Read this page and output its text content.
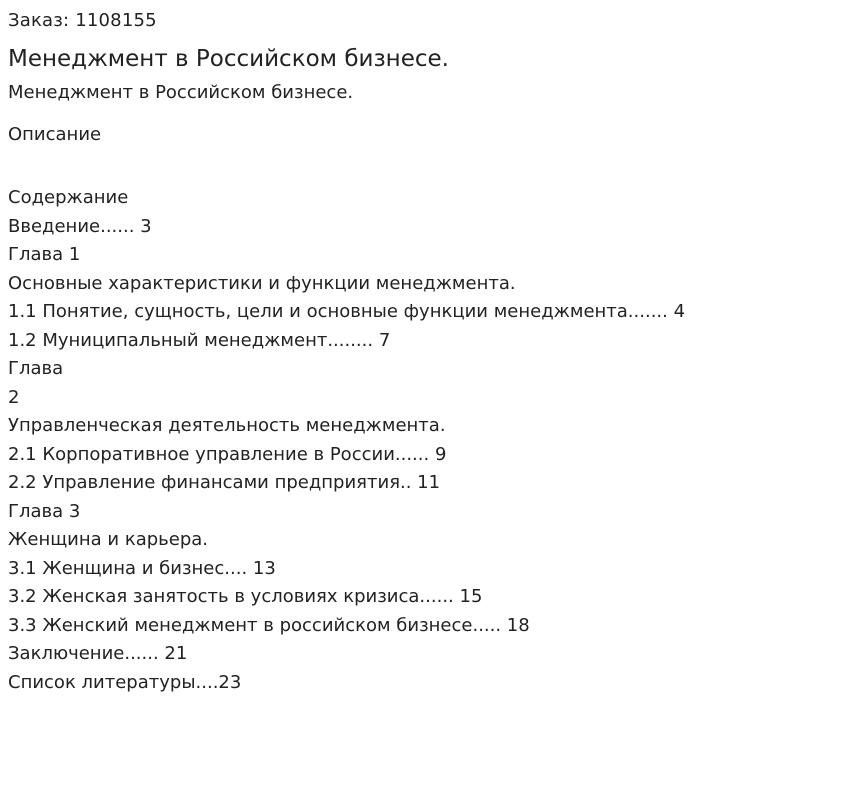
Заказ: 1108155

Менеджмент в Российском бизнесе.

Менеджмент в Российском бизнесе.

Описание

Содержание
Введение...... 3
Глава 1
Основные характеристики и функции менеджмента.
1.1 Понятие, сущность, цели и основные функции менеджмента....... 4
1.2 Муниципальный менеджмент........ 7
Глава
2
Управленческая деятельность менеджмента.
2.1 Корпоративное управление в России...... 9
2.2 Управление финансами предприятия.. 11
Глава 3
Женщина и карьера.
3.1 Женщина и бизнес.... 13
3.2 Женская занятость в условиях кризиса...... 15
3.3 Женский менеджмент в российском бизнесе..... 18
Заключение...... 21
Список литературы....23
